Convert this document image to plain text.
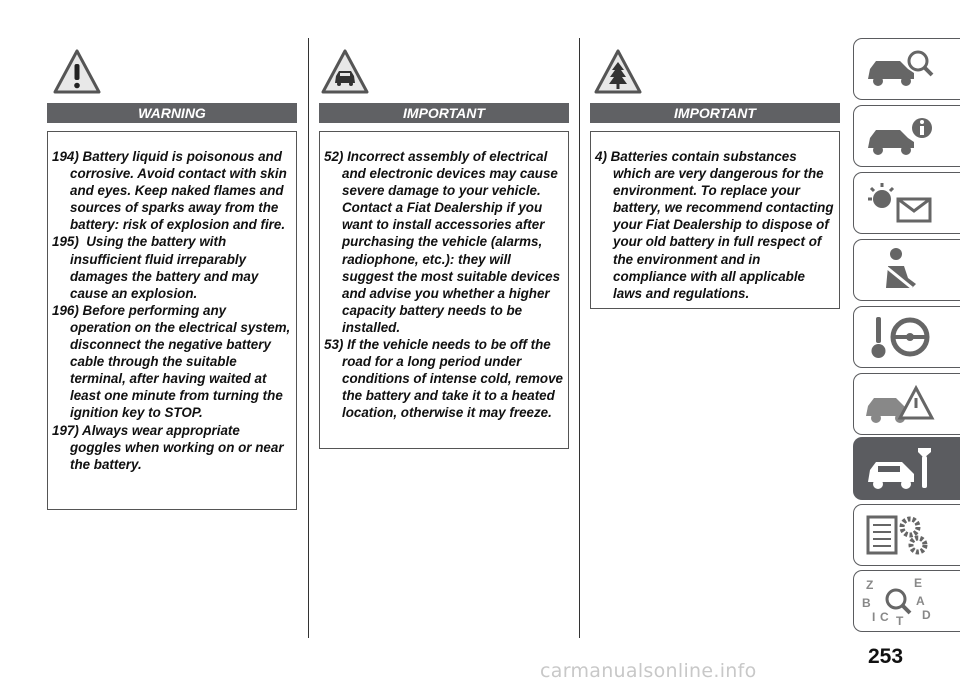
WARNING

194) Battery liquid is poisonous and
corrosive. Avoid contact with skin and eyes. Keep naked flames and sources of sparks away from the battery: risk of explosion and fire.

195)  Using the battery with
insufficient fluid irreparably damages the battery and may cause an explosion.

196) Before performing any
operation on the electrical system, disconnect the negative battery cable through the suitable terminal, after having waited at least one minute from turning the ignition key to STOP.

197) Always wear appropriate
goggles when working on or near the battery.

IMPORTANT

52) Incorrect assembly of electrical
and electronic devices may cause severe damage to your vehicle. Contact a Fiat Dealership if you want to install accessories after purchasing the vehicle (alarms, radiophone, etc.): they will suggest the most suitable devices and advise you whether a higher capacity battery needs to be installed.

53) If the vehicle needs to be off the
road for a long period under conditions of intense cold, remove the battery and take it to a heated location, otherwise it may freeze.

IMPORTANT

4) Batteries contain substances
which are very dangerous for the environment. To replace your battery, we recommend contacting your Fiat Dealership to dispose of your old battery in full respect of the environment and in compliance with all applicable laws and regulations.

Z	E
B	A
I C T D
253
carmanualsonline.info
